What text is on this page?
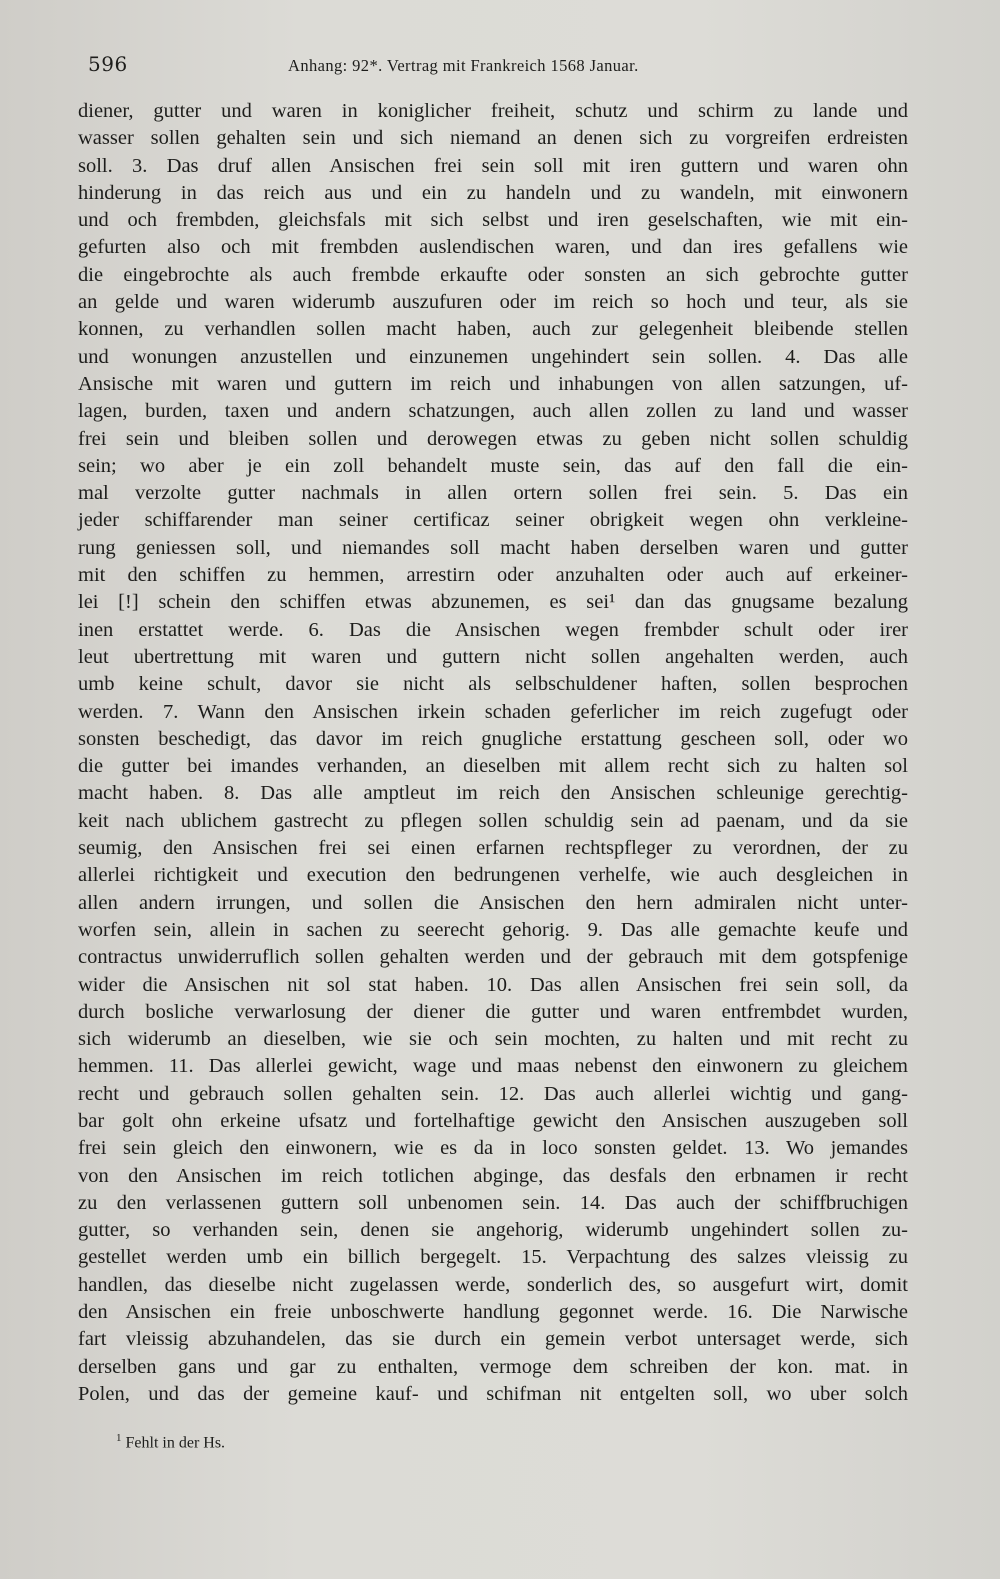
596	Anhang: 92*. Vertrag mit Frankreich 1568 Januar.
diener, gutter und waren in koniglicher freiheit, schutz und schirm zu lande und
wasser sollen gehalten sein und sich niemand an denen sich zu vorgreifen erdreisten
soll. 3. Das druf allen Ansischen frei sein soll mit iren guttern und waren ohn
hinderung in das reich aus und ein zu handeln und zu wandeln, mit einwonern
und och frembden, gleichsfals mit sich selbst und iren geselschaften, wie mit ein-
gefurten also och mit frembden auslendischen waren, und dan ires gefallens wie
die eingebrochte als auch frembde erkaufte oder sonsten an sich gebrochte gutter
an gelde und waren widerumb auszufuren oder im reich so hoch und teur, als sie
konnen, zu verhandlen sollen macht haben, auch zur gelegenheit bleibende stellen
und wonungen anzustellen und einzunemen ungehindert sein sollen. 4. Das alle
Ansische mit waren und guttern im reich und inhabungen von allen satzungen, uf-
lagen, burden, taxen und andern schatzungen, auch allen zollen zu land und wasser
frei sein und bleiben sollen und derowegen etwas zu geben nicht sollen schuldig
sein; wo aber je ein zoll behandelt muste sein, das auf den fall die ein-
mal verzolte gutter nachmals in allen ortern sollen frei sein. 5. Das ein
jeder schiffarender man seiner certificaz seiner obrigkeit wegen ohn verkleine-
rung geniessen soll, und niemandes soll macht haben derselben waren und gutter
mit den schiffen zu hemmen, arrestirn oder anzuhalten oder auch auf erkeiner-
lei [!] schein den schiffen etwas abzunemen, es sei¹ dan das gnugsame bezalung
inen erstattet werde. 6. Das die Ansischen wegen frembder schult oder irer
leut ubertrettung mit waren und guttern nicht sollen angehalten werden, auch
umb keine schult, davor sie nicht als selbschuldener haften, sollen besprochen
werden. 7. Wann den Ansischen irkein schaden geferlicher im reich zugefugt oder
sonsten beschedigt, das davor im reich gnugliche erstattung gescheen soll, oder wo
die gutter bei imandes verhanden, an dieselben mit allem recht sich zu halten sol
macht haben. 8. Das alle amptleut im reich den Ansischen schleunige gerechtig-
keit nach ublichem gastrecht zu pflegen sollen schuldig sein ad paenam, und da sie
seumig, den Ansischen frei sei einen erfarnen rechtspfleger zu verordnen, der zu
allerlei richtigkeit und execution den bedrungenen verhelfe, wie auch desgleichen in
allen andern irrungen, und sollen die Ansischen den hern admiralen nicht unter-
worfen sein, allein in sachen zu seerecht gehorig. 9. Das alle gemachte keufe und
contractus unwiderruflich sollen gehalten werden und der gebrauch mit dem gotspfenige
wider die Ansischen nit sol stat haben. 10. Das allen Ansischen frei sein soll, da
durch bosliche verwarlosung der diener die gutter und waren entfrembdet wurden,
sich widerumb an dieselben, wie sie och sein mochten, zu halten und mit recht zu
hemmen. 11. Das allerlei gewicht, wage und maas nebenst den einwonern zu gleichem
recht und gebrauch sollen gehalten sein. 12. Das auch allerlei wichtig und gang-
bar golt ohn erkeine ufsatz und fortelhaftige gewicht den Ansischen auszugeben soll
frei sein gleich den einwonern, wie es da in loco sonsten geldet. 13. Wo jemandes
von den Ansischen im reich totlichen abginge, das desfals den erbnamen ir recht
zu den verlassenen guttern soll unbenomen sein. 14. Das auch der schiffbruchigen
gutter, so verhanden sein, denen sie angehorig, widerumb ungehindert sollen zu-
gestellet werden umb ein billich bergegelt. 15. Verpachtung des salzes vleissig zu
handlen, das dieselbe nicht zugelassen werde, sonderlich des, so ausgefurt wirt, domit
den Ansischen ein freie unboschwerte handlung gegonnet werde. 16. Die Narwische
fart vleissig abzuhandelen, das sie durch ein gemein verbot untersaget werde, sich
derselben gans und gar zu enthalten, vermoge dem schreiben der kon. mat. in
Polen, und das der gemeine kauf- und schifman nit entgelten soll, wo uber solch
$^1$ Fehlt in der Hs.
